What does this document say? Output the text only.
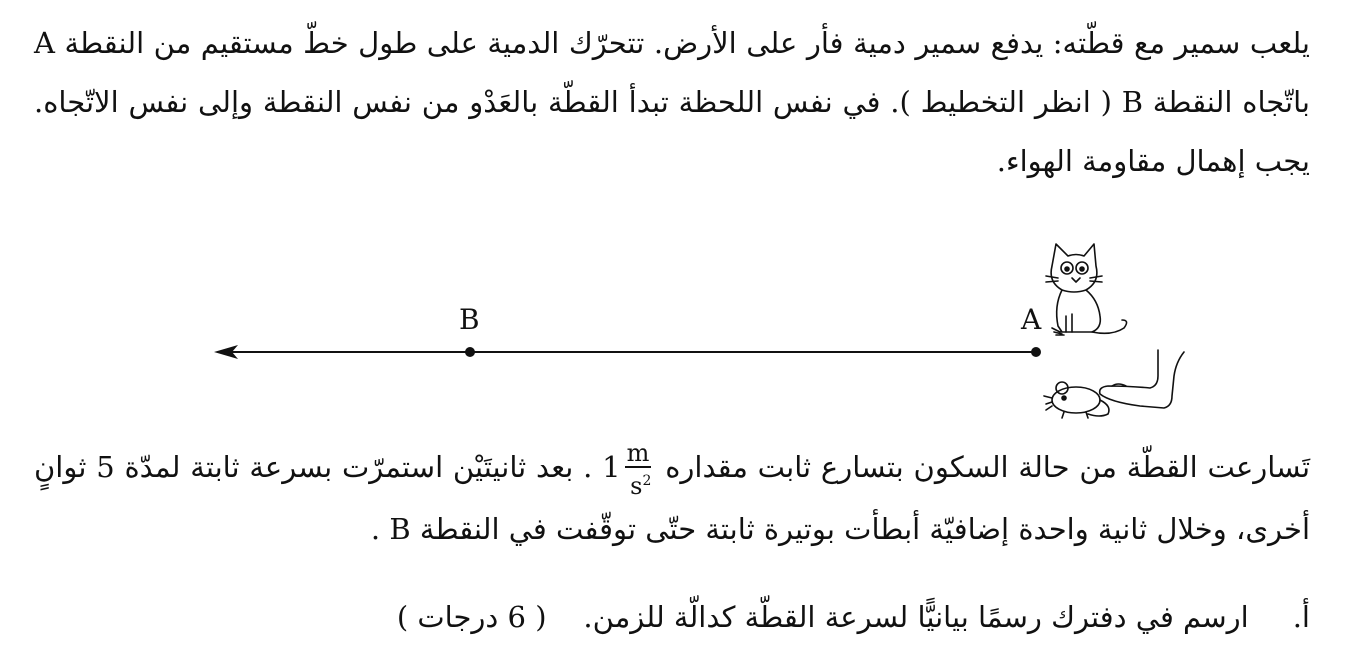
يلعب سمير مع قطّته: يدفع سمير دمية فأر على الأرض. تتحرّك الدمية على طول خطّ مستقيم من النقطة A باتّجاه النقطة B ( انظر التخطيط ). في نفس اللحظة تبدأ القطّة بالعَدْو من نفس النقطة وإلى نفس الاتّجاه. يجب إهمال مقاومة الهواء.

B	A

تَسارعت القطّة من حالة السكون بتسارع ثابت مقداره $1 \frac{m}{s^2}$
. بعد ثانيتَيْن استمرّت بسرعة ثابتة لمدّة 5 ثوانٍ أخرى، وخلال ثانية واحدة إضافيّة أبطأت بوتيرة ثابتة حتّى توقّفت في النقطة B .

أ.ارسم في دفترك رسمًا بيانيًّا لسرعة القطّة كدالّة للزمن.    ( 6 درجات )
